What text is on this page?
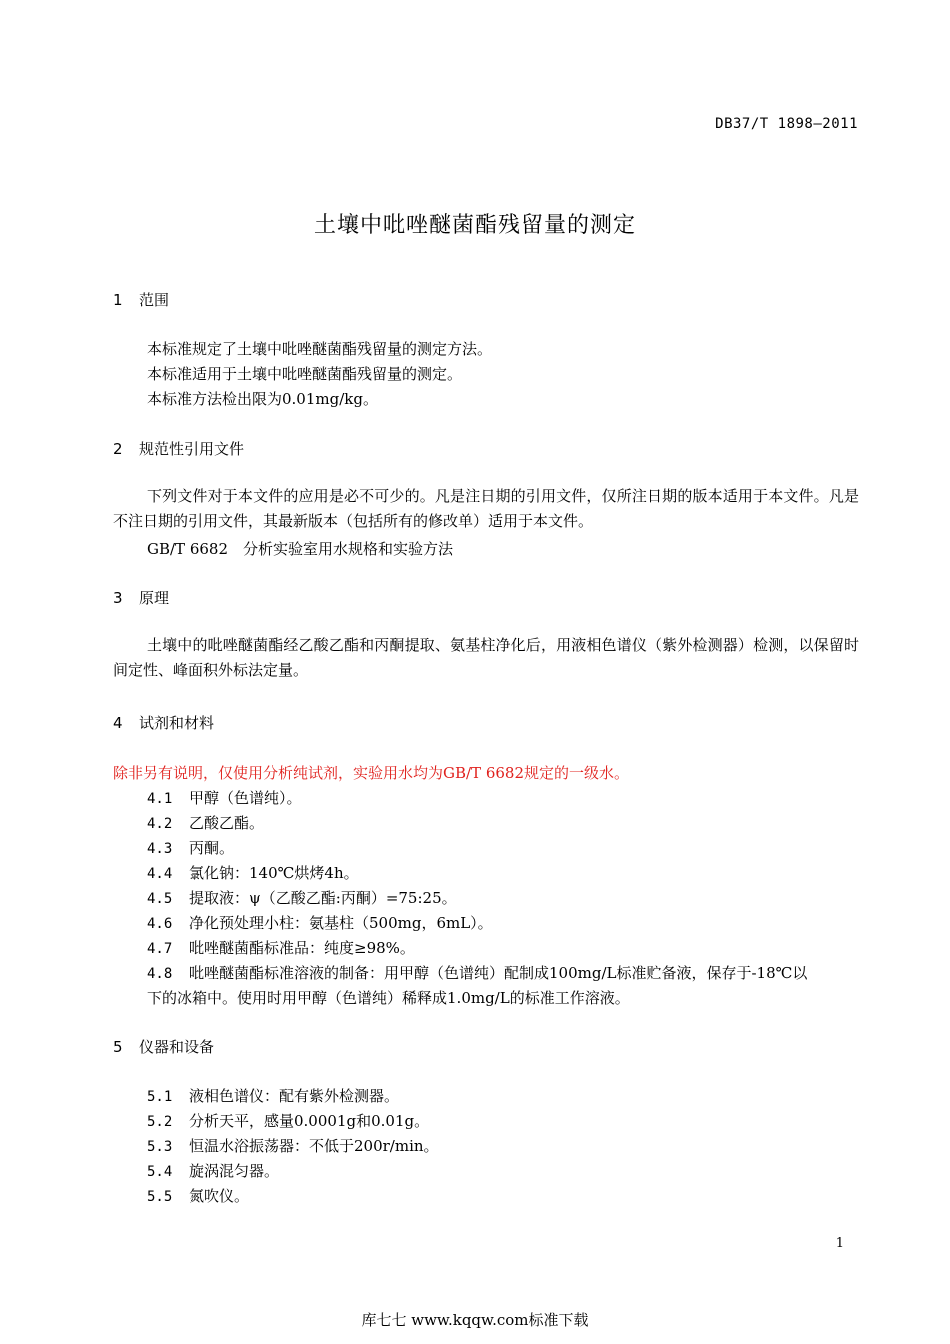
DB37/T 1898—2011
土壤中吡唑醚菌酯残留量的测定
1 范围
本标准规定了土壤中吡唑醚菌酯残留量的测定方法。
本标准适用于土壤中吡唑醚菌酯残留量的测定。
本标准方法检出限为0.01mg/kg。
2 规范性引用文件
下列文件对于本文件的应用是必不可少的。凡是注日期的引用文件，仅所注日期的版本适用于本文件。凡是不注日期的引用文件，其最新版本（包括所有的修改单）适用于本文件。
GB/T 6682　分析实验室用水规格和实验方法
3 原理
土壤中的吡唑醚菌酯经乙酸乙酯和丙酮提取、氨基柱净化后，用液相色谱仪（紫外检测器）检测，以保留时间定性、峰面积外标法定量。
4 试剂和材料
除非另有说明，仅使用分析纯试剂，实验用水均为GB/T 6682规定的一级水。
4.1 甲醇（色谱纯）。
4.2 乙酸乙酯。
4.3 丙酮。
4.4 氯化钠：140℃烘烤4h。
4.5 提取液：ψ（乙酸乙酯:丙酮）=75:25。
4.6 净化预处理小柱：氨基柱（500mg，6mL）。
4.7 吡唑醚菌酯标准品：纯度≥98%。
4.8 吡唑醚菌酯标准溶液的制备：用甲醇（色谱纯）配制成100mg/L标准贮备液，保存于-18℃以
下的冰箱中。使用时用甲醇（色谱纯）稀释成1.0mg/L的标准工作溶液。
5 仪器和设备
5.1 液相色谱仪：配有紫外检测器。
5.2 分析天平，感量0.0001g和0.01g。
5.3 恒温水浴振荡器：不低于200r/min。
5.4 旋涡混匀器。
5.5 氮吹仪。
1
库七七 www.kqqw.com标准下载
